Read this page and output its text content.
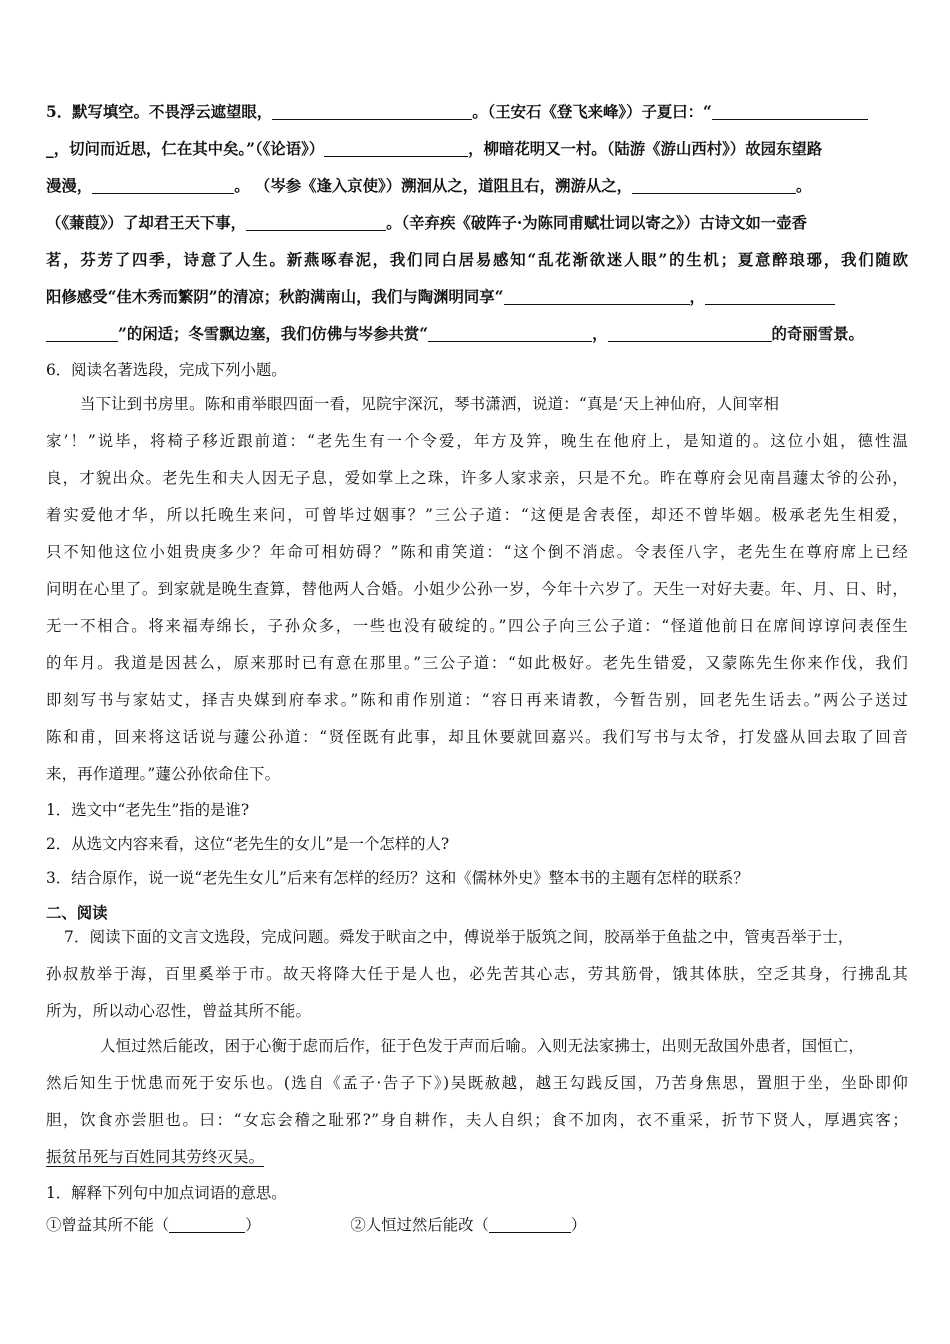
5．默写填空。不畏浮云遮望眼，	。（王安石《登飞来峰》）子夏曰：“
_，切问而近思，仁在其中矣。”（《论语》）	，柳暗花明又一村。（陆游《游山西村》）故园东望路
漫漫，	。 （岑参《逢入京使》）溯洄从之，道阻且右，溯游从之，	。
（《蒹葭》）了却君王天下事，	。（辛弃疾《破阵子·为陈同甫赋壮词以寄之》）古诗文如一壶香
茗，芬芳了四季，诗意了人生。新燕啄春泥，我们同白居易感知“乱花渐欲迷人眼”的生机；夏意醉琅琊，我们随欧
阳修感受“佳木秀而繁阴”的清凉；秋韵满南山，我们与陶渊明同享“	，
”的闲适；冬雪飘边塞，我们仿佛与岑参共赏“	，	的奇丽雪景。
6．阅读名著选段，完成下列小题。
当下让到书房里。陈和甫举眼四面一看，见院宇深沉，琴书潇洒，说道：“真是‘天上神仙府，人间宰相
家’！”说毕，将椅子移近跟前道：“老先生有一个令爱，年方及笄，晚生在他府上，是知道的。这位小姐，德性温
良，才貌出众。老先生和夫人因无子息，爱如掌上之珠，许多人家求亲，只是不允。昨在尊府会见南昌蘧太爷的公孙，
着实爱他才华，所以托晚生来问，可曾毕过姻事？”三公子道：“这便是舍表侄，却还不曾毕姻。极承老先生相爱，
只不知他这位小姐贵庚多少？年命可相妨碍？”陈和甫笑道：“这个倒不消虑。令表侄八字，老先生在尊府席上已经
问明在心里了。到家就是晚生查算，替他两人合婚。小姐少公孙一岁，今年十六岁了。天生一对好夫妻。年、月、日、时，
无一不相合。将来福寿绵长，子孙众多，一些也没有破绽的。”四公子向三公子道：“怪道他前日在席间谆谆问表侄生
的年月。我道是因甚么，原来那时已有意在那里。”三公子道：“如此极好。老先生错爱，又蒙陈先生你来作伐，我们
即刻写书与家姑丈，择吉央媒到府奉求。”陈和甫作别道：“容日再来请教，今暂告别，回老先生话去。”两公子送过
陈和甫，回来将这话说与蘧公孙道：“贤侄既有此事，却且休要就回嘉兴。我们写书与太爷，打发盛从回去取了回音
来，再作道理。”蘧公孙依命住下。
1．选文中“老先生”指的是谁?
2．从选文内容来看，这位“老先生的女儿”是一个怎样的人?
3．结合原作，说一说“老先生女儿”后来有怎样的经历？这和《儒林外史》整本书的主题有怎样的联系？
二、阅读
7．阅读下面的文言文选段，完成问题。舜发于畎亩之中，傅说举于版筑之间，胶鬲举于鱼盐之中，管夷吾举于士，
孙叔敖举于海，百里奚举于市。故天将降大任于是人也，必先苦其心志，劳其筋骨，饿其体肤，空乏其身，行拂乱其
所为，所以动心忍性，曾益其所不能。
人恒过然后能改，困于心衡于虑而后作，征于色发于声而后喻。入则无法家拂士，出则无敌国外患者，国恒亡，
然后知生于忧患而死于安乐也。(选自《孟子·告子下》)吴既赦越，越王勾践反国，乃苦身焦思，置胆于坐，坐卧即仰
胆，饮食亦尝胆也。曰：“女忘会稽之耻邪?”身自耕作，夫人自织；食不加肉，衣不重采，折节下贤人，厚遇宾客；
振贫吊死与百姓同其劳终灭吴。
1．解释下列句中加点词语的意思。
①曾益其所不能（	）	②人恒过然后能改（	）
